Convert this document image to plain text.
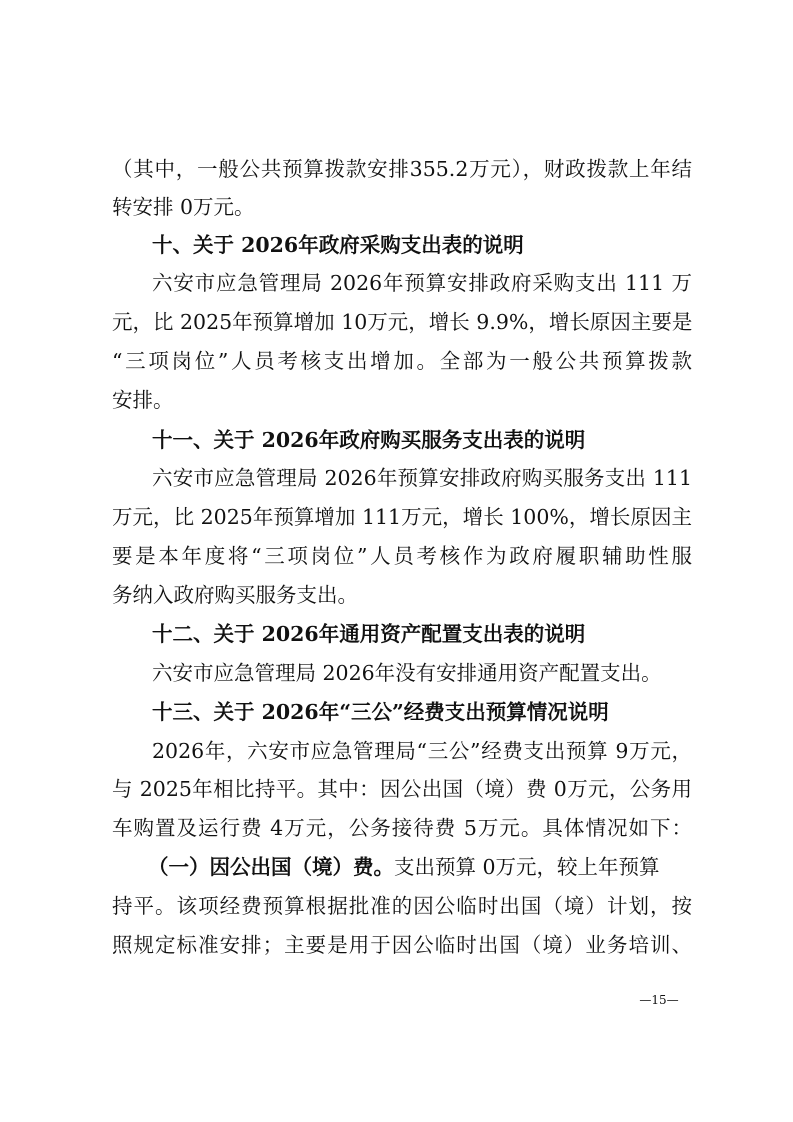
（其中，一般公共预算拨款安排355.2万元），财政拨款上年结
转安排 0万元。
十、关于 2026年政府采购支出表的说明
六安市应急管理局 2026年预算安排政府采购支出 111 万
元，比 2025年预算增加 10万元，增长 9.9%，增长原因主要是
“三项岗位”人员考核支出增加。全部为一般公共预算拨款
安排。
十一、关于 2026年政府购买服务支出表的说明
六安市应急管理局 2026年预算安排政府购买服务支出 111
万元，比 2025年预算增加 111万元，增长 100%，增长原因主
要是本年度将“三项岗位”人员考核作为政府履职辅助性服
务纳入政府购买服务支出。
十二、关于 2026年通用资产配置支出表的说明
六安市应急管理局 2026年没有安排通用资产配置支出。
十三、关于 2026年“三公”经费支出预算情况说明
2026年，六安市应急管理局“三公”经费支出预算 9万元，
与 2025年相比持平。其中：因公出国（境）费 0万元，公务用
车购置及运行费 4万元，公务接待费 5万元。具体情况如下：
（一）因公出国（境）费。支出预算 0万元，较上年预算
持平。该项经费预算根据批准的因公临时出国（境）计划，按
照规定标准安排；主要是用于因公临时出国（境）业务培训、
—15—
